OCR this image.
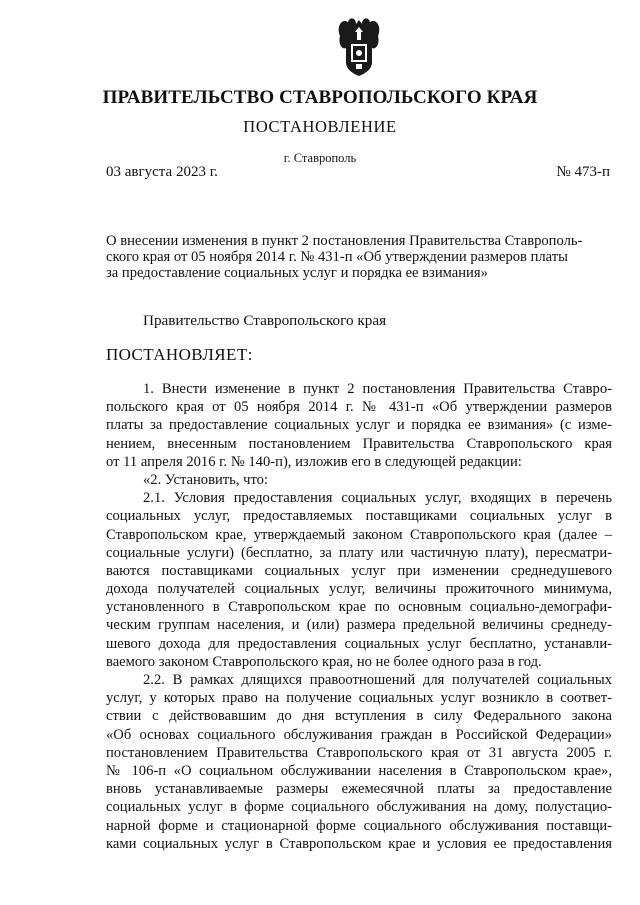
ПРАВИТЕЛЬСТВО СТАВРОПОЛЬСКОГО КРАЯ
ПОСТАНОВЛЕНИЕ
г. Ставрополь
03 августа 2023 г.	№ 473-п
О внесении изменения в пункт 2 постановления Правительства Ставрополь-
ского края от 05 ноября 2014 г. № 431-п «Об утверждении размеров платы
за предоставление социальных услуг и порядка ее взимания»
Правительство Ставропольского края
ПОСТАНОВЛЯЕТ:
1. Внести изменение в пункт 2 постановления Правительства Ставро-
польского края от 05 ноября 2014 г. № 431-п «Об утверждении размеров
платы за предоставление социальных услуг и порядка ее взимания» (с изме-
нением, внесенным постановлением Правительства Ставропольского края
от 11 апреля 2016 г. № 140-п), изложив его в следующей редакции:
«2. Установить, что:
2.1. Условия предоставления социальных услуг, входящих в перечень
социальных услуг, предоставляемых поставщиками социальных услуг в
Ставропольском крае, утверждаемый законом Ставропольского края (далее –
социальные услуги) (бесплатно, за плату или частичную плату), пересматри-
ваются поставщиками социальных услуг при изменении среднедушевого
дохода получателей социальных услуг, величины прожиточного минимума,
установленного в Ставропольском крае по основным социально-демографи-
ческим группам населения, и (или) размера предельной величины среднеду-
шевого дохода для предоставления социальных услуг бесплатно, устанавли-
ваемого законом Ставропольского края, но не более одного раза в год.
2.2. В рамках длящихся правоотношений для получателей социальных
услуг, у которых право на получение социальных услуг возникло в соответ-
ствии с действовавшим до дня вступления в силу Федерального закона
«Об основах социального обслуживания граждан в Российской Федерации»
постановлением Правительства Ставропольского края от 31 августа 2005 г.
№ 106-п «О социальном обслуживании населения в Ставропольском крае»,
вновь устанавливаемые размеры ежемесячной платы за предоставление
социальных услуг в форме социального обслуживания на дому, полустацио-
нарной форме и стационарной форме социального обслуживания поставщи-
ками социальных услуг в Ставропольском крае и условия ее предоставления
